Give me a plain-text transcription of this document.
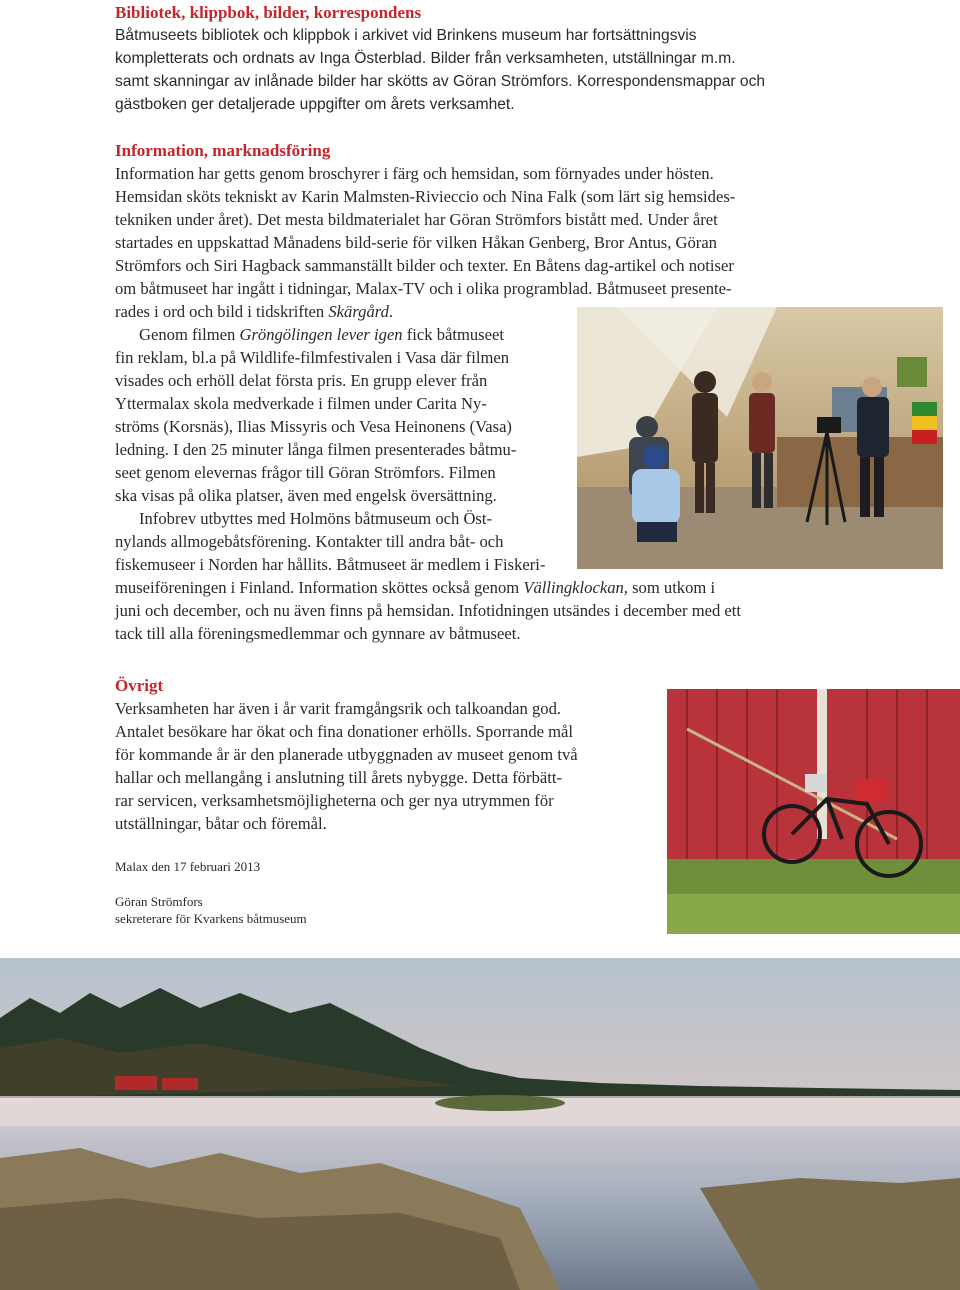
Bibliotek, klippbok, bilder, korrespondens

Båtmuseets bibliotek och klippbok i arkivet vid Brinkens museum har fortsättningsvis

kompletterats och ordnats av Inga Österblad. Bilder från verksamheten, utställningar m.m.

samt skanningar av inlånade bilder har skötts av Göran Strömfors. Korrespondensmappar och

gästboken ger detaljerade uppgifter om årets verksamhet.

Information, marknadsföring

Information har getts genom broschyrer i färg och hemsidan, som förnyades under hösten.

Hemsidan sköts tekniskt av Karin Malmsten-Rivieccio och Nina Falk (som lärt sig hemsides-

tekniken under året). Det mesta bildmaterialet har Göran Strömfors bistått med. Under året

startades en uppskattad Månadens bild-serie för vilken Håkan Genberg, Bror Antus, Göran

Strömfors och Siri Hagback sammanställt bilder och texter. En Båtens dag-artikel och notiser

om båtmuseet har ingått i tidningar, Malax-TV och i olika programblad. Båtmuseet presente-

rades i ord och bild i tidskriften Skärgård.

Genom filmen Gröngölingen lever igen fick båtmuseet

fin reklam, bl.a på Wildlife-filmfestivalen i Vasa där filmen

visades och erhöll delat första pris. En grupp elever från

Yttermalax skola medverkade i filmen under Carita Ny-

ströms (Korsnäs), Ilias Missyris och Vesa Heinonens (Vasa)

ledning. I den 25 minuter långa filmen presenterades båtmu-

seet genom elevernas frågor till Göran Strömfors. Filmen

ska visas på olika platser, även med engelsk översättning.

Infobrev utbyttes med Holmöns båtmuseum och Öst-

nylands allmogebåtsförening. Kontakter till andra båt- och

fiskemuseer i Norden har hållits. Båtmuseet är medlem i Fiskeri-

museiföreningen i Finland. Information sköttes också genom Vällingklockan, som utkom i

juni och december, och nu även finns på hemsidan. Infotidningen utsändes i december med ett

tack till alla föreningsmedlemmar och gynnare av båtmuseet.

Övrigt

Verksamheten har även i år varit framgångsrik och talkoandan god.

Antalet besökare har ökat och fina donationer erhölls. Sporrande mål

för kommande år är den planerade utbyggnaden av museet genom två

hallar och mellangång i anslutning till årets nybygge. Detta förbätt-

rar servicen, verksamhetsmöjligheterna och ger nya utrymmen för

utställningar, båtar och föremål.

Malax den 17 februari 2013

Göran Strömfors

sekreterare för Kvarkens båtmuseum
